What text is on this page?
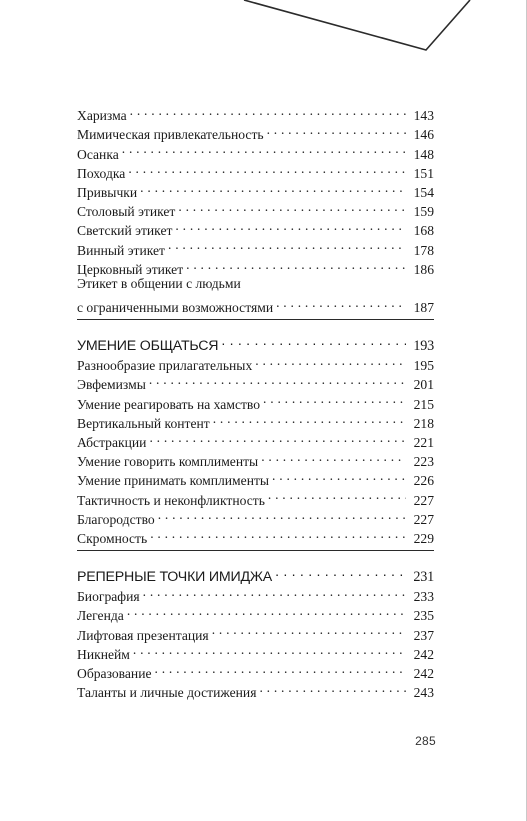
Харизма . . .	143
Мимическая привлекательность . . .	146
Осанка . . .	148
Походка . . .	151
Привычки . . .	154
Столовый этикет . . .	159
Светский этикет . . .	168
Винный этикет . . .	178
Церковный этикет . . .	186
Этикет в общении с людьми
с ограниченными возможностями . . .	187
УМЕНИЕ ОБЩАТЬСЯ . . .	193
Разнообразие прилагательных . . .	195
Эвфемизмы . . .	201
Умение реагировать на хамство . . .	215
Вертикальный контент . . .	218
Абстракции . . .	221
Умение говорить комплименты . . .	223
Умение принимать комплименты . . .	226
Тактичность и неконфликтность . . .	227
Благородство . . .	227
Скромность . . .	229
РЕПЕРНЫЕ ТОЧКИ ИМИДЖА . . .	231
Биография . . .	233
Легенда . . .	235
Лифтовая презентация . . .	237
Никнейм . . .	242
Образование . . .	242
Таланты и личные достижения . . .	243
285
